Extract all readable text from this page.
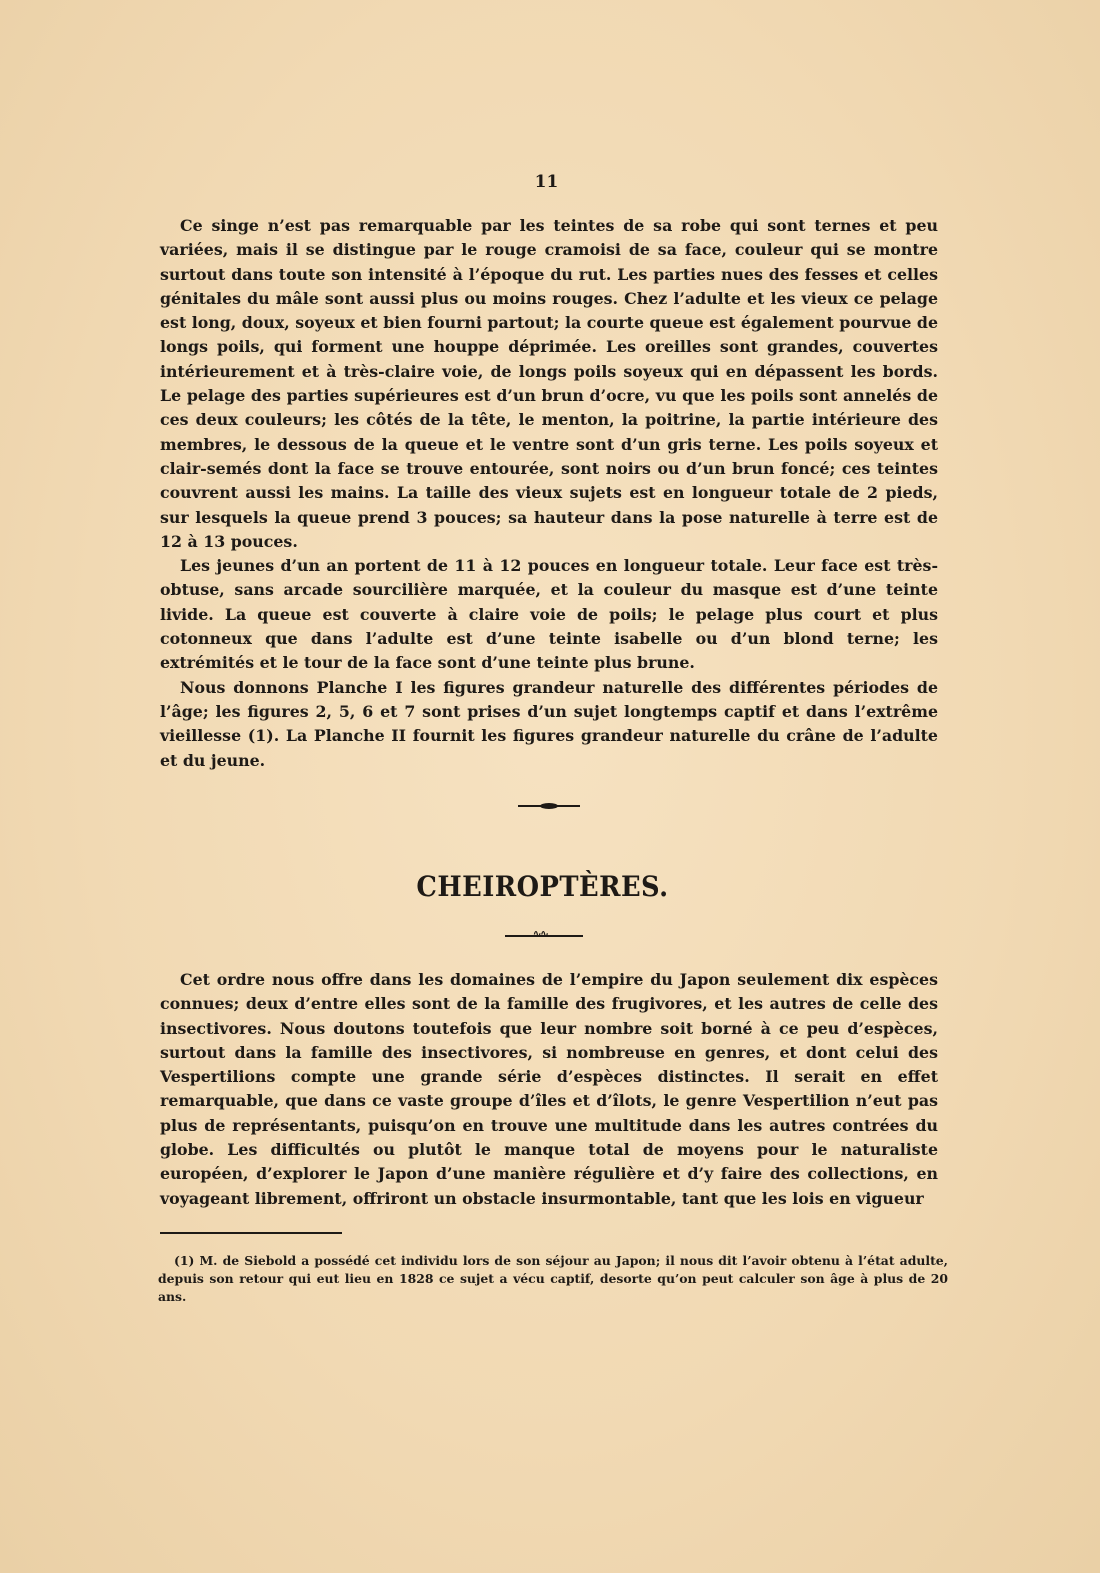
11

Ce singe n’est pas remarquable par les teintes de sa robe qui sont ternes et peu variées, mais il se distingue par le rouge cramoisi de sa face, couleur qui se montre surtout dans toute son intensité à l’époque du rut. Les parties nues des fesses et celles génitales du mâle sont aussi plus ou moins rouges. Chez l’adulte et les vieux ce pelage est long, doux, soyeux et bien fourni partout; la courte queue est également pourvue de longs poils, qui forment une houppe déprimée. Les oreilles sont grandes, couvertes intérieurement et à très-claire voie, de longs poils soyeux qui en dépassent les bords. Le pelage des parties supérieures est d’un brun d’ocre, vu que les poils sont annelés de ces deux couleurs; les côtés de la tête, le menton, la poitrine, la partie intérieure des membres, le dessous de la queue et le ventre sont d’un gris terne. Les poils soyeux et clair-semés dont la face se trouve entourée, sont noirs ou d’un brun foncé; ces teintes couvrent aussi les mains. La taille des vieux sujets est en longueur totale de 2 pieds, sur lesquels la queue prend 3 pouces; sa hauteur dans la pose naturelle à terre est de 12 à 13 pouces.

Les jeunes d’un an portent de 11 à 12 pouces en longueur totale. Leur face est très-obtuse, sans arcade sourcilière marquée, et la couleur du masque est d’une teinte livide. La queue est couverte à claire voie de poils; le pelage plus court et plus cotonneux que dans l’adulte est d’une teinte isabelle ou d’un blond terne; les extrémités et le tour de la face sont d’une teinte plus brune.

Nous donnons Planche I les figures grandeur naturelle des différentes périodes de l’âge; les figures 2, 5, 6 et 7 sont prises d’un sujet longtemps captif et dans l’extrême vieillesse (1). La Planche II fournit les figures grandeur naturelle du crâne de l’adulte et du jeune.

CHEIROPTÈRES.
∿∿

Cet ordre nous offre dans les domaines de l’empire du Japon seulement dix espèces connues; deux d’entre elles sont de la famille des frugivores, et les autres de celle des insectivores. Nous doutons toutefois que leur nombre soit borné à ce peu d’espèces, surtout dans la famille des insectivores, si nombreuse en genres, et dont celui des Vespertilions compte une grande série d’espèces distinctes. Il serait en effet remarquable, que dans ce vaste groupe d’îles et d’îlots, le genre Vespertilion n’eut pas plus de représentants, puisqu’on en trouve une multitude dans les autres contrées du globe. Les difficultés ou plutôt le manque total de moyens pour le naturaliste européen, d’explorer le Japon d’une manière régulière et d’y faire des collections, en voyageant librement, offriront un obstacle insurmontable, tant que les lois en vigueur

(1) M. de Siebold a possédé cet individu lors de son séjour au Japon; il nous dit l’avoir obtenu à l’état adulte, depuis son retour qui eut lieu en 1828 ce sujet a vécu captif, desorte qu’on peut calculer son âge à plus de 20 ans.
